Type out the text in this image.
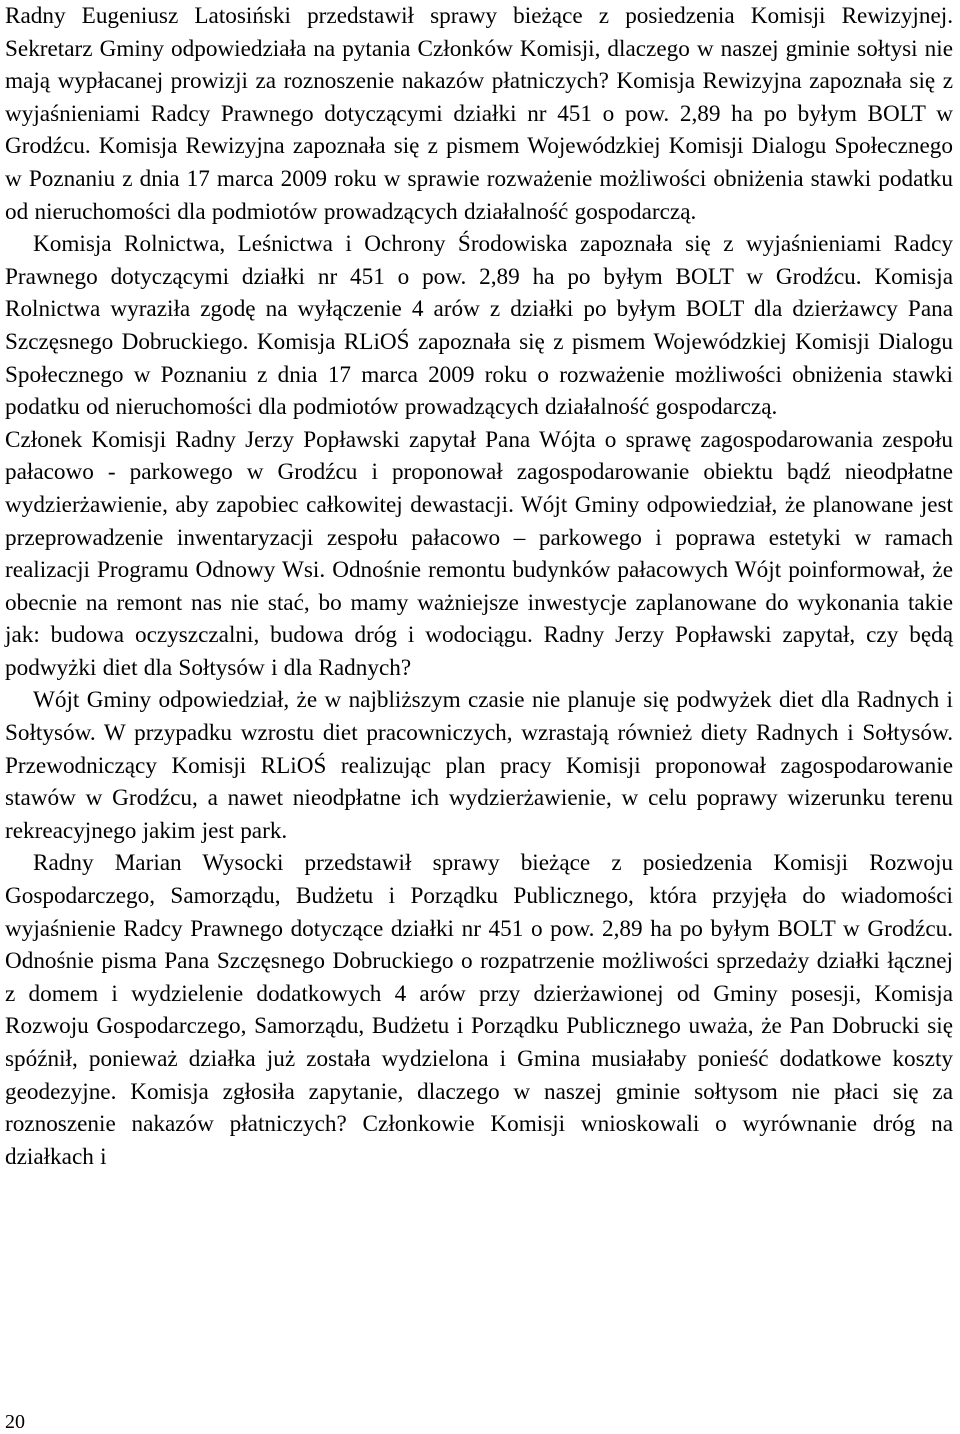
Radny Eugeniusz Latosiński przedstawił sprawy bieżące z posiedzenia Komisji Rewizyjnej. Sekretarz Gminy odpowiedziała na pytania Członków Komisji, dlaczego w naszej gminie sołtysi nie mają wypłacanej prowizji za roznoszenie nakazów płatniczych? Komisja Rewizyjna zapoznała się z wyjaśnieniami Radcy Prawnego dotyczącymi działki nr 451 o pow. 2,89 ha po byłym BOLT w Grodźcu. Komisja Rewizyjna zapoznała się z pismem Wojewódzkiej Komisji Dialogu Społecznego w Poznaniu z dnia 17 marca 2009 roku w sprawie rozważenie możliwości obniżenia stawki podatku od nieruchomości dla podmiotów prowadzących działalność gospodarczą.

Komisja Rolnictwa, Leśnictwa i Ochrony Środowiska zapoznała się z wyjaśnieniami Radcy Prawnego dotyczącymi działki nr 451 o pow. 2,89 ha po byłym BOLT w Grodźcu. Komisja Rolnictwa wyraziła zgodę na wyłączenie 4 arów z działki po byłym BOLT dla dzierżawcy Pana Szczęsnego Dobruckiego. Komisja RLiOŚ zapoznała się z pismem Wojewódzkiej Komisji Dialogu Społecznego w Poznaniu z dnia 17 marca 2009 roku o rozważenie możliwości obniżenia stawki podatku od nieruchomości dla podmiotów prowadzących działalność gospodarczą.

Członek Komisji Radny Jerzy Popławski zapytał Pana Wójta o sprawę zagospodarowania zespołu pałacowo - parkowego w Grodźcu i proponował zagospodarowanie obiektu bądź nieodpłatne wydzierżawienie, aby zapobiec całkowitej dewastacji. Wójt Gminy odpowiedział, że planowane jest przeprowadzenie inwentaryzacji zespołu pałacowo – parkowego i poprawa estetyki w ramach realizacji Programu Odnowy Wsi. Odnośnie remontu budynków pałacowych Wójt poinformował, że obecnie na remont nas nie stać, bo mamy ważniejsze inwestycje zaplanowane do wykonania takie jak: budowa oczyszczalni, budowa dróg i wodociągu. Radny Jerzy Popławski zapytał, czy będą podwyżki diet dla Sołtysów i dla Radnych?

Wójt Gminy odpowiedział, że w najbliższym czasie nie planuje się podwyżek diet dla Radnych i Sołtysów. W przypadku wzrostu diet pracowniczych, wzrastają również diety Radnych i Sołtysów. Przewodniczący Komisji RLiOŚ realizując plan pracy Komisji proponował zagospodarowanie stawów w Grodźcu, a nawet nieodpłatne ich wydzierżawienie, w celu poprawy wizerunku terenu rekreacyjnego jakim jest park.

Radny Marian Wysocki przedstawił sprawy bieżące z posiedzenia Komisji Rozwoju Gospodarczego, Samorządu, Budżetu i Porządku Publicznego, która przyjęła do wiadomości wyjaśnienie Radcy Prawnego dotyczące działki nr 451 o pow. 2,89 ha po byłym BOLT w Grodźcu. Odnośnie pisma Pana Szczęsnego Dobruckiego o rozpatrzenie możliwości sprzedaży działki łącznej z domem i wydzielenie dodatkowych 4 arów przy dzierżawionej od Gminy posesji, Komisja Rozwoju Gospodarczego, Samorządu, Budżetu i Porządku Publicznego uważa, że Pan Dobrucki się spóźnił, ponieważ działka już została wydzielona i Gmina musiałaby ponieść dodatkowe koszty geodezyjne. Komisja zgłosiła zapytanie, dlaczego w naszej gminie sołtysom nie płaci się za roznoszenie nakazów płatniczych? Członkowie Komisji wnioskowali o wyrównanie dróg na działkach i

20
